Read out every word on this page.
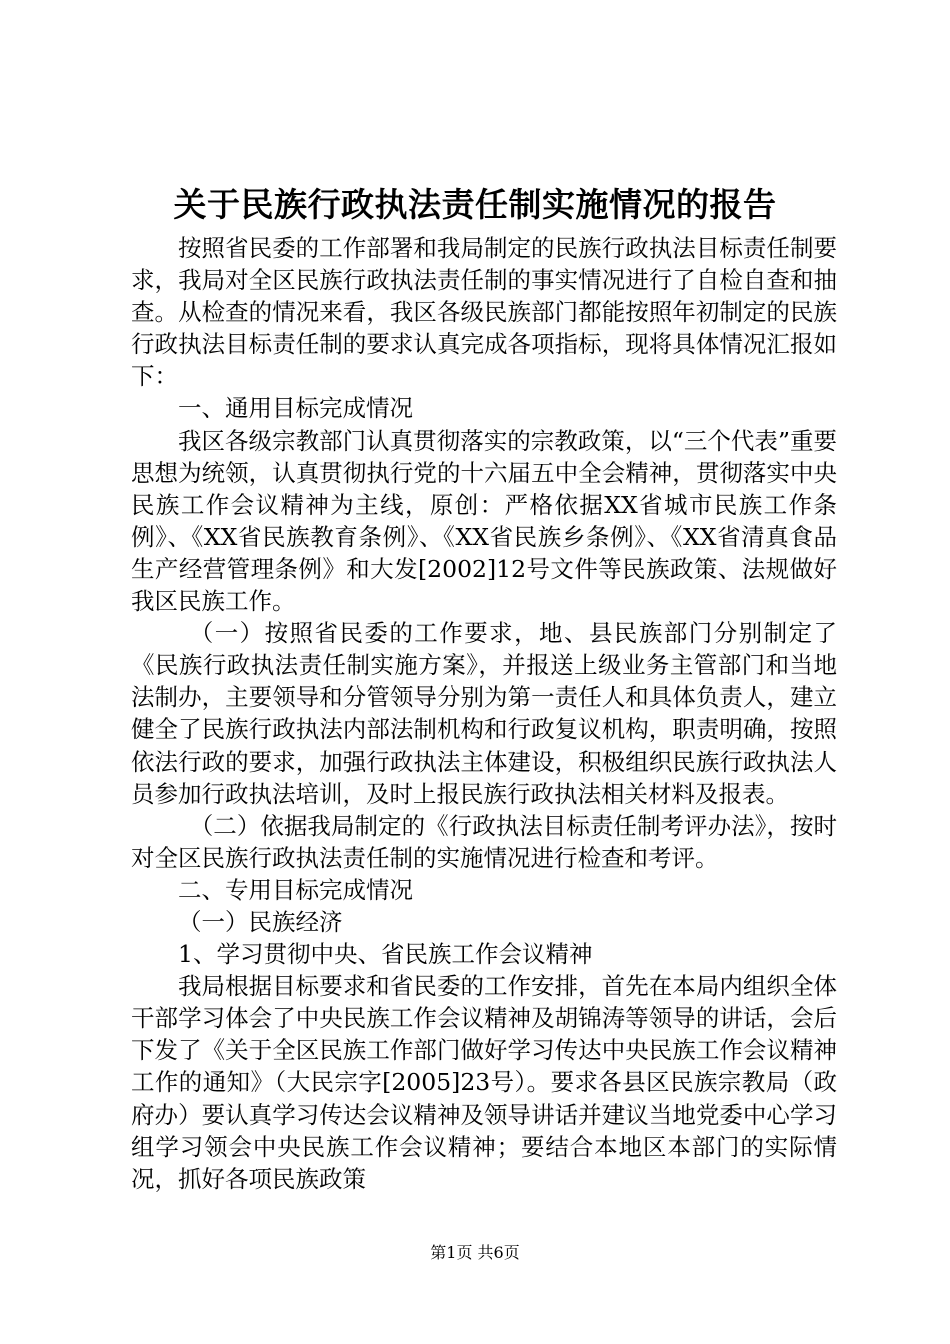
关于民族行政执法责任制实施情况的报告

按照省民委的工作部署和我局制定的民族行政执法目标责任制要求，我局对全区民族行政执法责任制的事实情况进行了自检自查和抽查。从检查的情况来看，我区各级民族部门都能按照年初制定的民族行政执法目标责任制的要求认真完成各项指标，现将具体情况汇报如下：

一、通用目标完成情况

我区各级宗教部门认真贯彻落实的宗教政策，以“三个代表”重要思想为统领，认真贯彻执行党的十六届五中全会精神，贯彻落实中央民族工作会议精神为主线，原创：严格依据XX省城市民族工作条例》、《XX省民族教育条例》、《XX省民族乡条例》、《XX省清真食品生产经营管理条例》和大发[2002]12号文件等民族政策、法规做好我区民族工作。

（一）按照省民委的工作要求，地、县民族部门分别制定了《民族行政执法责任制实施方案》，并报送上级业务主管部门和当地法制办，主要领导和分管领导分别为第一责任人和具体负责人，建立健全了民族行政执法内部法制机构和行政复议机构，职责明确，按照依法行政的要求，加强行政执法主体建设，积极组织民族行政执法人员参加行政执法培训，及时上报民族行政执法相关材料及报表。

（二）依据我局制定的《行政执法目标责任制考评办法》，按时对全区民族行政执法责任制的实施情况进行检查和考评。

二、专用目标完成情况

（一）民族经济

1、学习贯彻中央、省民族工作会议精神

我局根据目标要求和省民委的工作安排，首先在本局内组织全体干部学习体会了中央民族工作会议精神及胡锦涛等领导的讲话，会后下发了《关于全区民族工作部门做好学习传达中央民族工作会议精神工作的通知》（大民宗字[2005]23号）。要求各县区民族宗教局（政府办）要认真学习传达会议精神及领导讲话并建议当地党委中心学习组学习领会中央民族工作会议精神；要结合本地区本部门的实际情况，抓好各项民族政策

第1页 共6页
